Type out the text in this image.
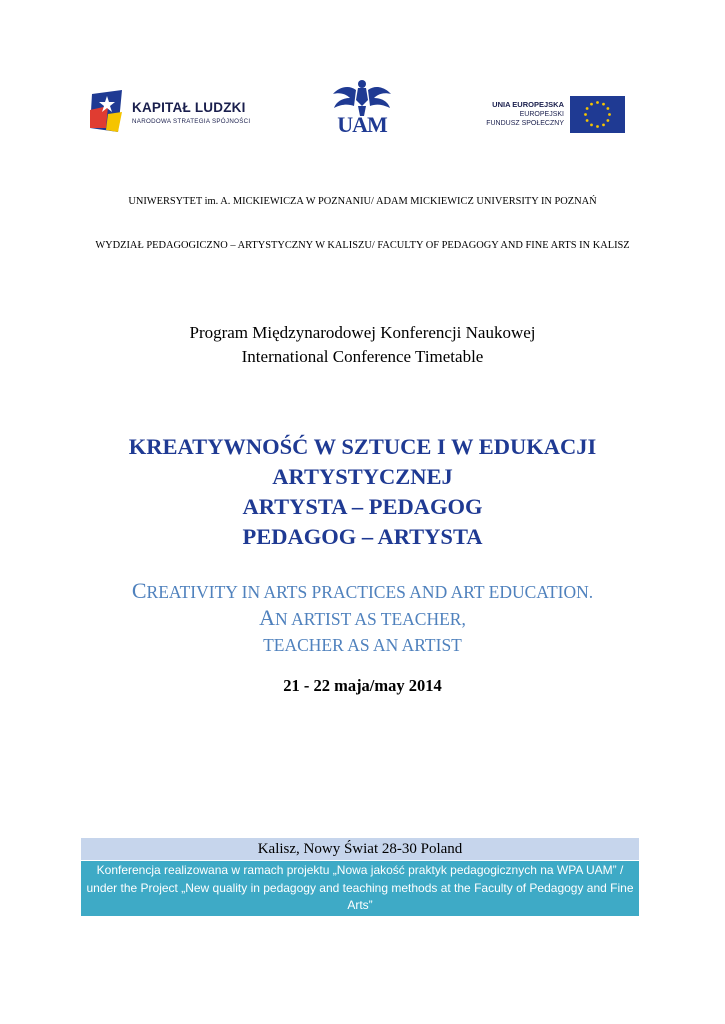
KAPITAŁ LUDZKI
NARODOWA STRATEGIA SPÓJNOŚCI	UAM
UNIA EUROPEJSKA
EUROPEJSKI
FUNDUSZ SPOŁECZNY
UNIWERSYTET im. A. MICKIEWICZA W POZNANIU/ ADAM MICKIEWICZ UNIVERSITY IN POZNAŃ
WYDZIAŁ PEDAGOGICZNO – ARTYSTYCZNY W KALISZU/ FACULTY OF PEDAGOGY AND FINE ARTS IN KALISZ
Program Międzynarodowej Konferencji Naukowej
International Conference Timetable
KREATYWNOŚĆ W SZTUCE I W EDUKACJI
ARTYSTYCZNEJ
ARTYSTA – PEDAGOG
PEDAGOG – ARTYSTA
CREATIVITY IN ARTS PRACTICES AND ART EDUCATION.
AN ARTIST AS TEACHER,
TEACHER AS AN ARTIST
21 - 22 maja/may 2014
Kalisz, Nowy Świat 28-30 Poland
Konferencja realizowana w ramach projektu „Nowa jakość praktyk pedagogicznych na WPA UAM” / under the Project „New quality in pedagogy and teaching methods at the Faculty of Pedagogy and Fine Arts”
